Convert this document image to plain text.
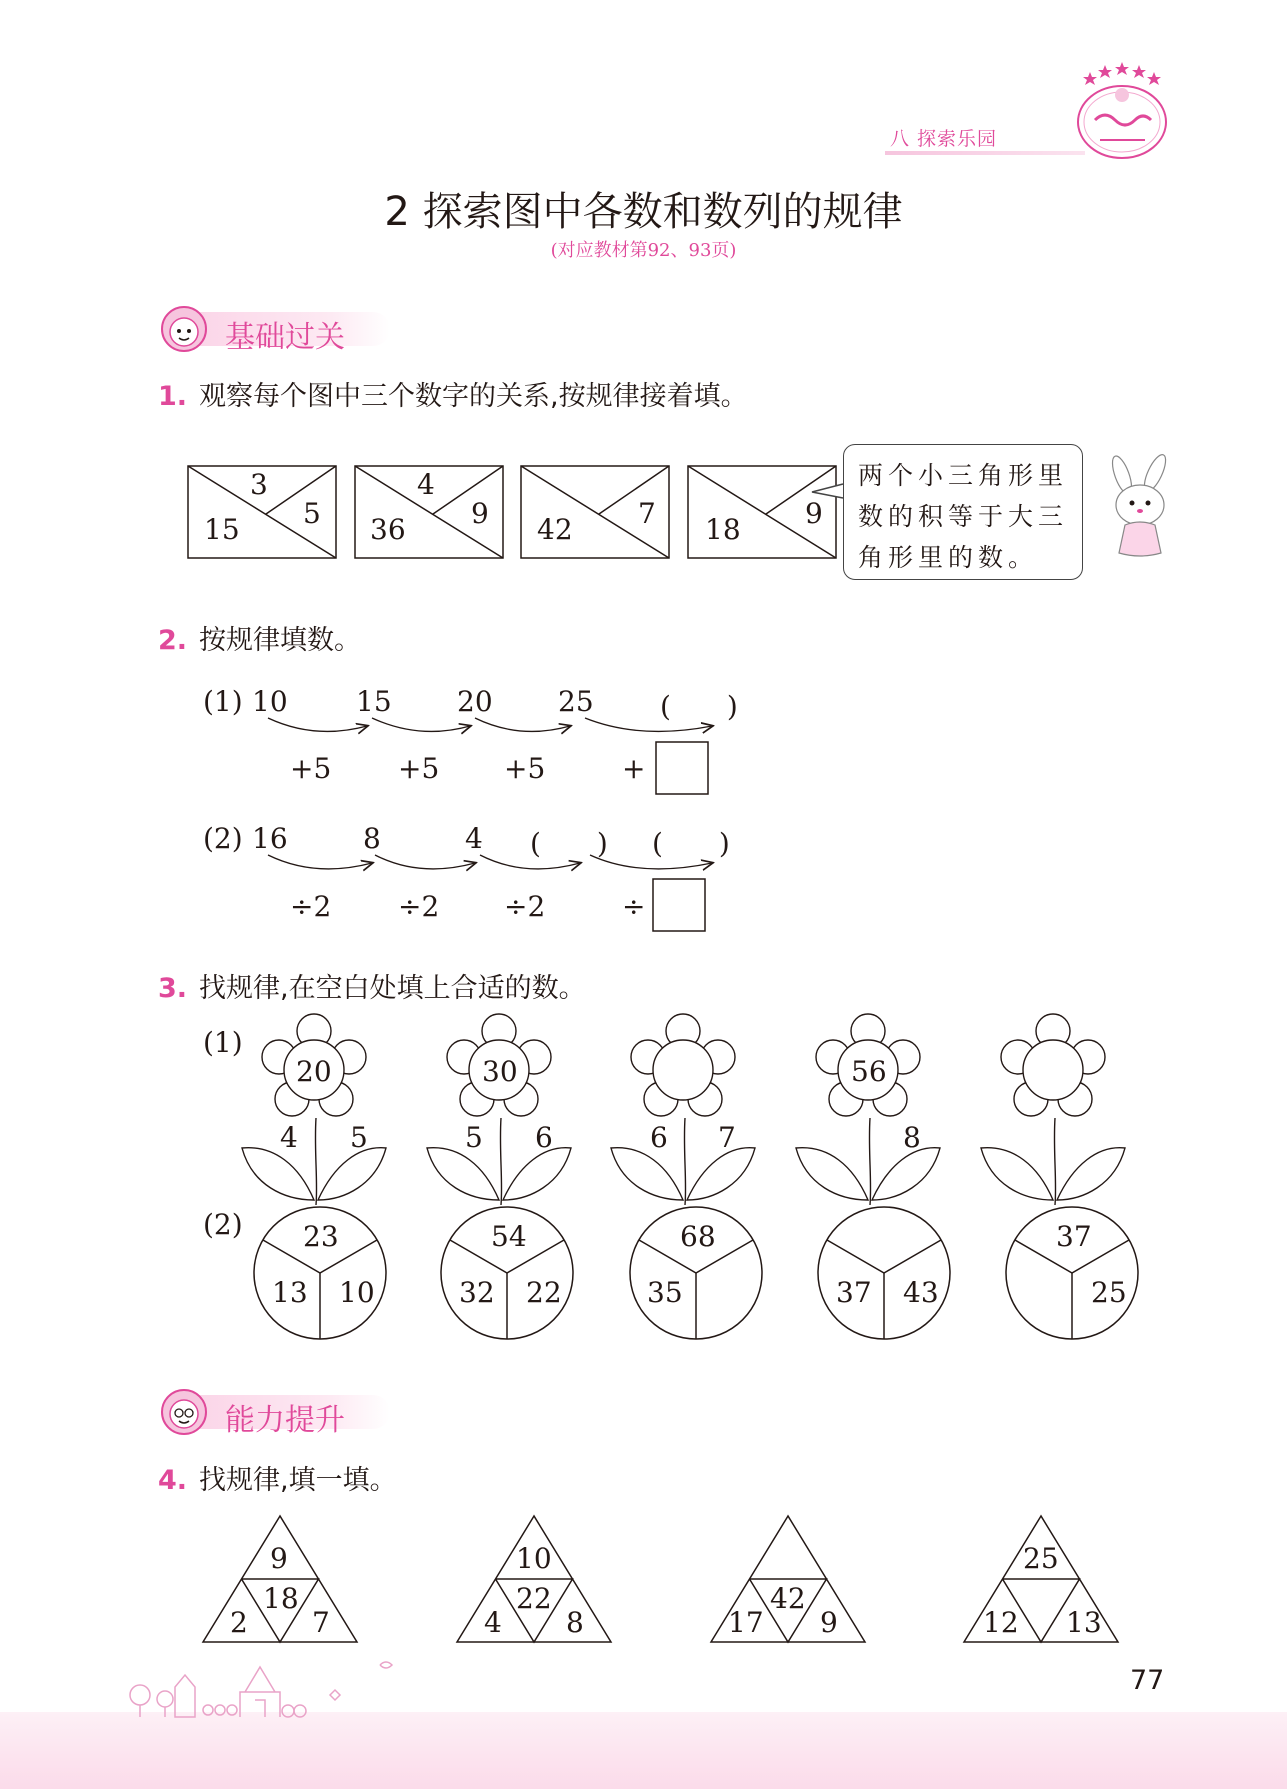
八 探索乐园
2 探索图中各数和数列的规律
(对应教材第92、93页)
基础过关
1. 观察每个图中三个数字的关系,按规律接着填。
3
5
15
4
9
36	7
42	9
18
两个小三角形里数的积等于大三角形里的数。
2. 按规律填数。
(1) 10 15 20 25 (　　)
+5 +5 +5	+
(2) 16	8	4 (　　) (　　)
÷2 ÷2 ÷2	÷
3. 找规律,在空白处填上合适的数。
(1)
20
4 5
30
5 6	6 7
56
8
(2) 23
13 10
54
32 22
68
35	37 43
37
25
能力提升
4. 找规律,填一填。
9
18
2 7
10
22
4 8
42
17 9
25
12 13
77
